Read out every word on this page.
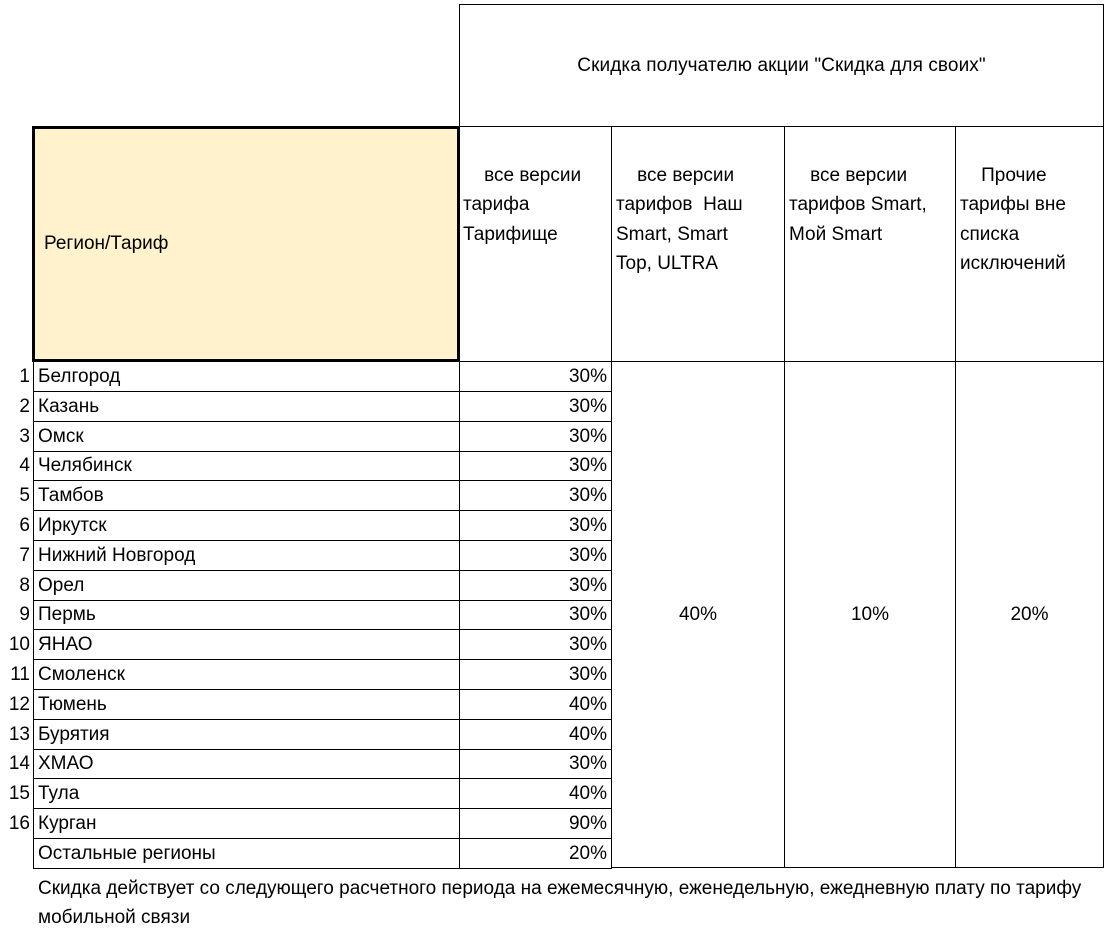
Скидка получателю акции "Скидка для своих"
Регион/Тариф

все версии
тарифа
Тарифище

все версии
тарифов  Наш
Smart, Smart
Top, ULTRA

все версии
тарифов Smart,
Мой Smart

Прочие
тарифы вне
списка
исключений

1 Белгород	30%
2 Казань	30%
3 Омск	30%
4 Челябинск	30%
5 Тамбов	30%
6 Иркутск	30%
7 Нижний Новгород	30%
8 Орел	30%
9 Пермь	30%
10 ЯНАО	30%
11 Смоленск	30%
12 Тюмень	40%
13 Бурятия	40%
14 ХМАО	30%
15 Тула	40%
16 Курган	90%
Остальные регионы	20%
40%	10%	20%
Скидка действует со следующего расчетного периода на ежемесячную, еженедельную, ежедневную плату по тарифу мобильной связи
